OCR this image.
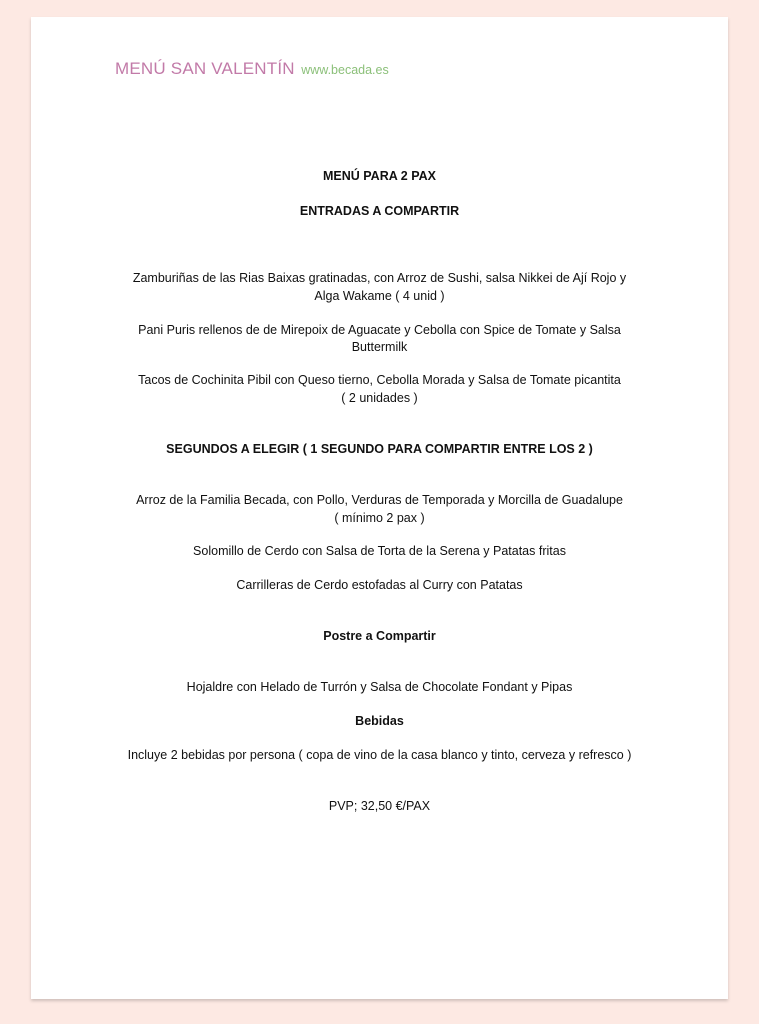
MENÚ SAN VALENTÍN www.becada.es
MENÚ PARA 2 PAX
ENTRADAS A COMPARTIR
Zamburiñas de las Rias Baixas gratinadas, con Arroz de Sushi, salsa Nikkei de Ají Rojo y
Alga Wakame ( 4 unid )
Pani Puris rellenos de de Mirepoix de Aguacate y Cebolla con Spice de Tomate y Salsa
Buttermilk
Tacos de Cochinita Pibil con Queso tierno, Cebolla Morada y Salsa de Tomate picantita
( 2 unidades )
SEGUNDOS A ELEGIR ( 1 SEGUNDO PARA COMPARTIR ENTRE LOS 2 )
Arroz de la Familia Becada, con Pollo, Verduras de Temporada y Morcilla de Guadalupe
( mínimo 2 pax )
Solomillo de Cerdo con Salsa de Torta de la Serena y Patatas fritas
Carrilleras de Cerdo estofadas al Curry con Patatas
Postre a Compartir
Hojaldre con Helado de Turrón y Salsa de Chocolate Fondant y Pipas
Bebidas
Incluye 2 bebidas por persona ( copa de vino de la casa blanco y tinto, cerveza y refresco )
PVP; 32,50 €/PAX
